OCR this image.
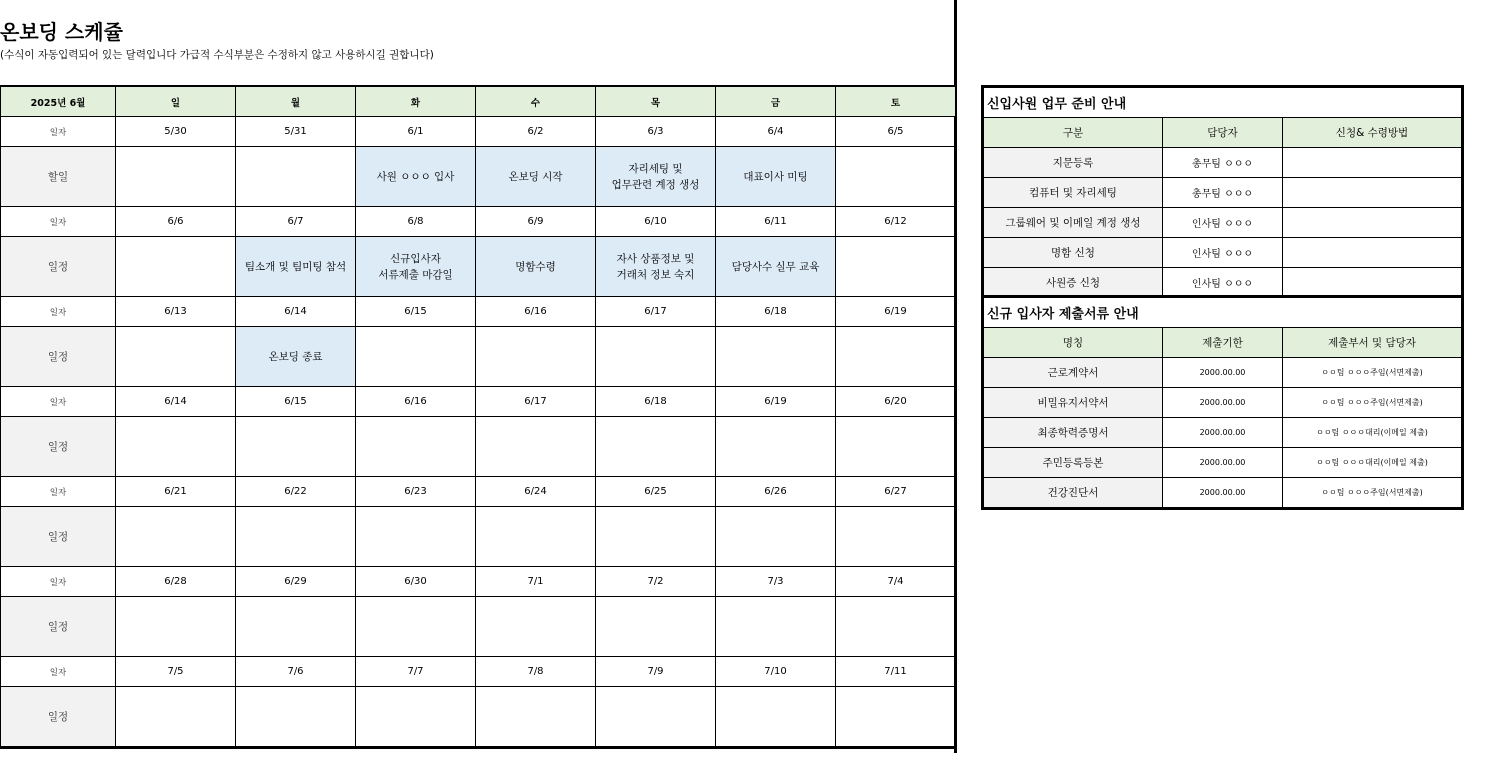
온보딩 스케쥴
(수식이 자동입력되어 있는 달력입니다 가급적 수식부분은 수정하지 않고 사용하시길 권합니다)
2025년 6월	일	월	화	수	목	금	토
일자	5/30	5/31	6/1	6/2	6/3	6/4	6/5
할일			사원 ㅇㅇㅇ 입사	온보딩 시작	자리세팅 및
업무관련 계정 생성	대표이사 미팅	
일자	6/6	6/7	6/8	6/9	6/10	6/11	6/12
일정		팀소개 및 팀미팅 참석	신규입사자
서류제출 마감일	명함수령	자사 상품정보 및
거래처 정보 숙지	담당사수 실무 교육	
일자	6/13	6/14	6/15	6/16	6/17	6/18	6/19
일정		온보딩 종료					
일자	6/14	6/15	6/16	6/17	6/18	6/19	6/20
일정							
일자	6/21	6/22	6/23	6/24	6/25	6/26	6/27
일정							
일자	6/28	6/29	6/30	7/1	7/2	7/3	7/4
일정							
일자	7/5	7/6	7/7	7/8	7/9	7/10	7/11
일정							
신입사원 업무 준비 안내		
구분	담당자	신청& 수령방법
지문등록	총무팀 ㅇㅇㅇ	
컴퓨터 및 자리세팅	총무팀 ㅇㅇㅇ	
그룹웨어 및 이메일 계정 생성	인사팀 ㅇㅇㅇ	
명함 신청	인사팀 ㅇㅇㅇ	
사원증 신청	인사팀 ㅇㅇㅇ	
신규 입사자 제출서류 안내		
명칭	제출기한	제출부서 및 담당자
근로계약서	2000.00.00	ㅇㅇ팀 ㅇㅇㅇ주임(서면제출)
비밀유지서약서	2000.00.00	ㅇㅇ팀 ㅇㅇㅇ주임(서면제출)
최종학력증명서	2000.00.00	ㅇㅇ팀 ㅇㅇㅇ대리(이메일 제출)
주민등록등본	2000.00.00	ㅇㅇ팀 ㅇㅇㅇ대리(이메일 제출)
건강진단서	2000.00.00	ㅇㅇ팀 ㅇㅇㅇ주임(서면제출)
